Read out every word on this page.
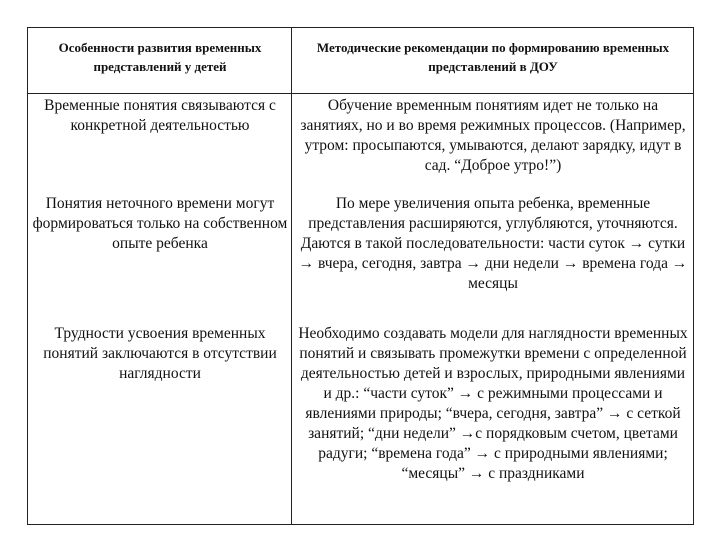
Особенности развития временных представлений у детей
Методические рекомендации по формированию временных представлений в ДОУ
Временные понятия связываются с конкретной деятельностью
Обучение временным понятиям идет не только на занятиях, но и во время режимных процессов. (Например, утром: просыпаются, умываются, делают зарядку, идут в сад. “Доброе утро!”)
Понятия неточного времени могут формироваться только на собственном опыте ребенка
По мере увеличения опыта ребенка, временные представления расширяются, углубляются, уточняются. Даются в такой последовательности: части суток → сутки → вчера, сегодня, завтра → дни недели → времена года → месяцы
Трудности усвоения временных понятий заключаются в отсутствии наглядности
Необходимо создавать модели для наглядности временных понятий и связывать промежутки времени с определенной деятельностью детей и взрослых, природными явлениями и др.: “части суток” → с режимными процессами и явлениями природы; “вчера, сегодня, завтра” → с сеткой занятий; “дни недели” →с порядковым счетом, цветами радуги; “времена года” → с природными явлениями; “месяцы” → с праздниками
